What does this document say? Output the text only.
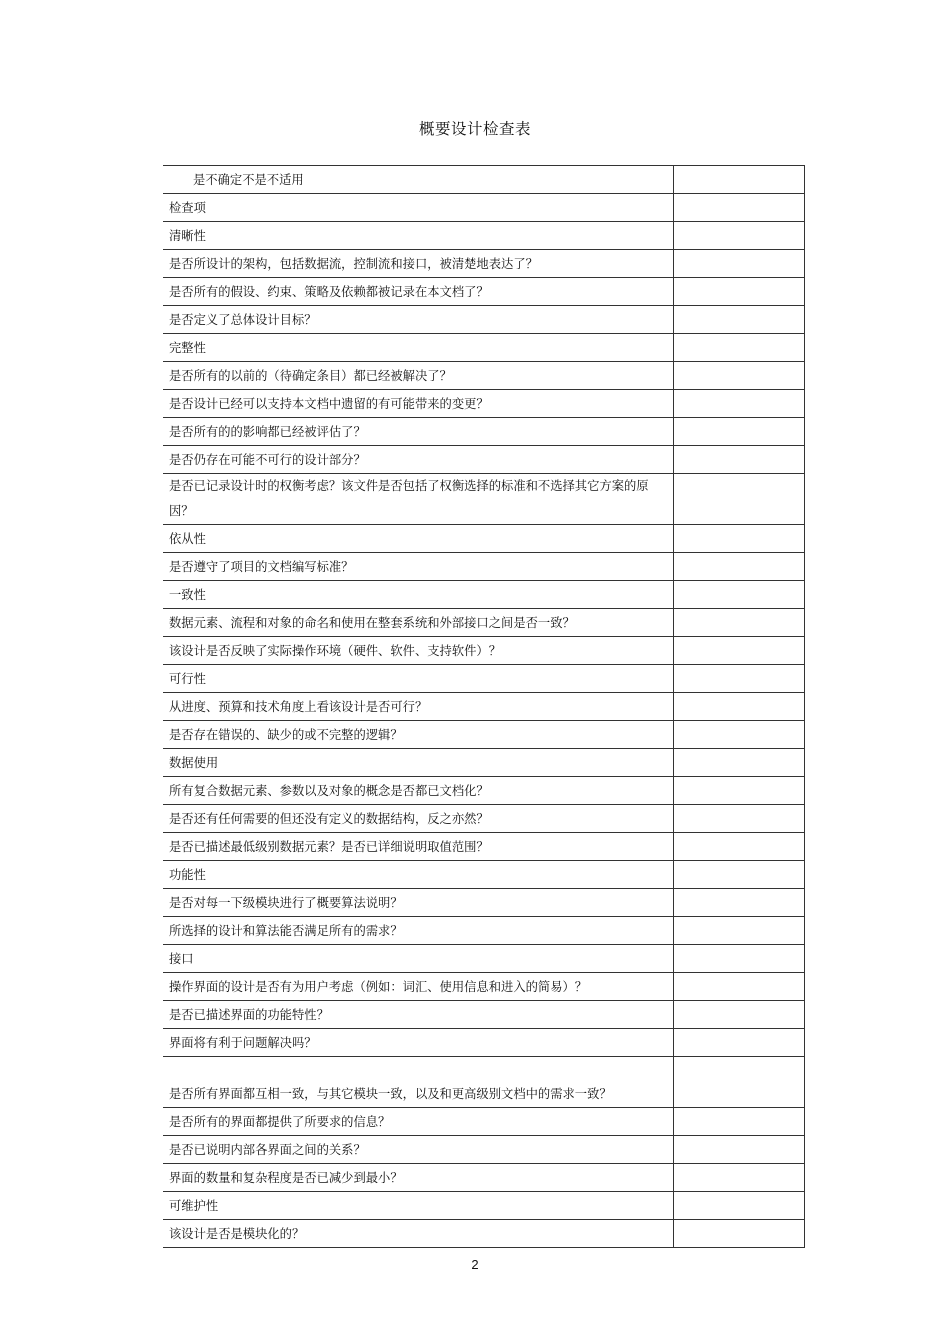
概要设计检查表
是不确定不是不适用	
检查项	
清晰性	
是否所设计的架构，包括数据流，控制流和接口，被清楚地表达了？	
是否所有的假设、约束、策略及依赖都被记录在本文档了？	
是否定义了总体设计目标？	
完整性	
是否所有的以前的（待确定条目）都已经被解决了？	
是否设计已经可以支持本文档中遗留的有可能带来的变更？	
是否所有的的影响都已经被评估了？	
是否仍存在可能不可行的设计部分？	
是否已记录设计时的权衡考虑？该文件是否包括了权衡选择的标准和不选择其它方案的原因？	
依从性	
是否遵守了项目的文档编写标准？	
一致性	
数据元素、流程和对象的命名和使用在整套系统和外部接口之间是否一致？	
该设计是否反映了实际操作环境（硬件、软件、支持软件）？	
可行性	
从进度、预算和技术角度上看该设计是否可行？	
是否存在错误的、缺少的或不完整的逻辑？	
数据使用	
所有复合数据元素、参数以及对象的概念是否都已文档化？	
是否还有任何需要的但还没有定义的数据结构，反之亦然？	
是否已描述最低级别数据元素？是否已详细说明取值范围？	
功能性	
是否对每一下级模块进行了概要算法说明？	
所选择的设计和算法能否满足所有的需求？	
接口	
操作界面的设计是否有为用户考虑（例如：词汇、使用信息和进入的简易）？	
是否已描述界面的功能特性？	
界面将有利于问题解决吗？	
是否所有界面都互相一致，与其它模块一致，以及和更高级别文档中的需求一致？	
是否所有的界面都提供了所要求的信息？	
是否已说明内部各界面之间的关系？	
界面的数量和复杂程度是否已减少到最小？	
可维护性	
该设计是否是模块化的？	
2
